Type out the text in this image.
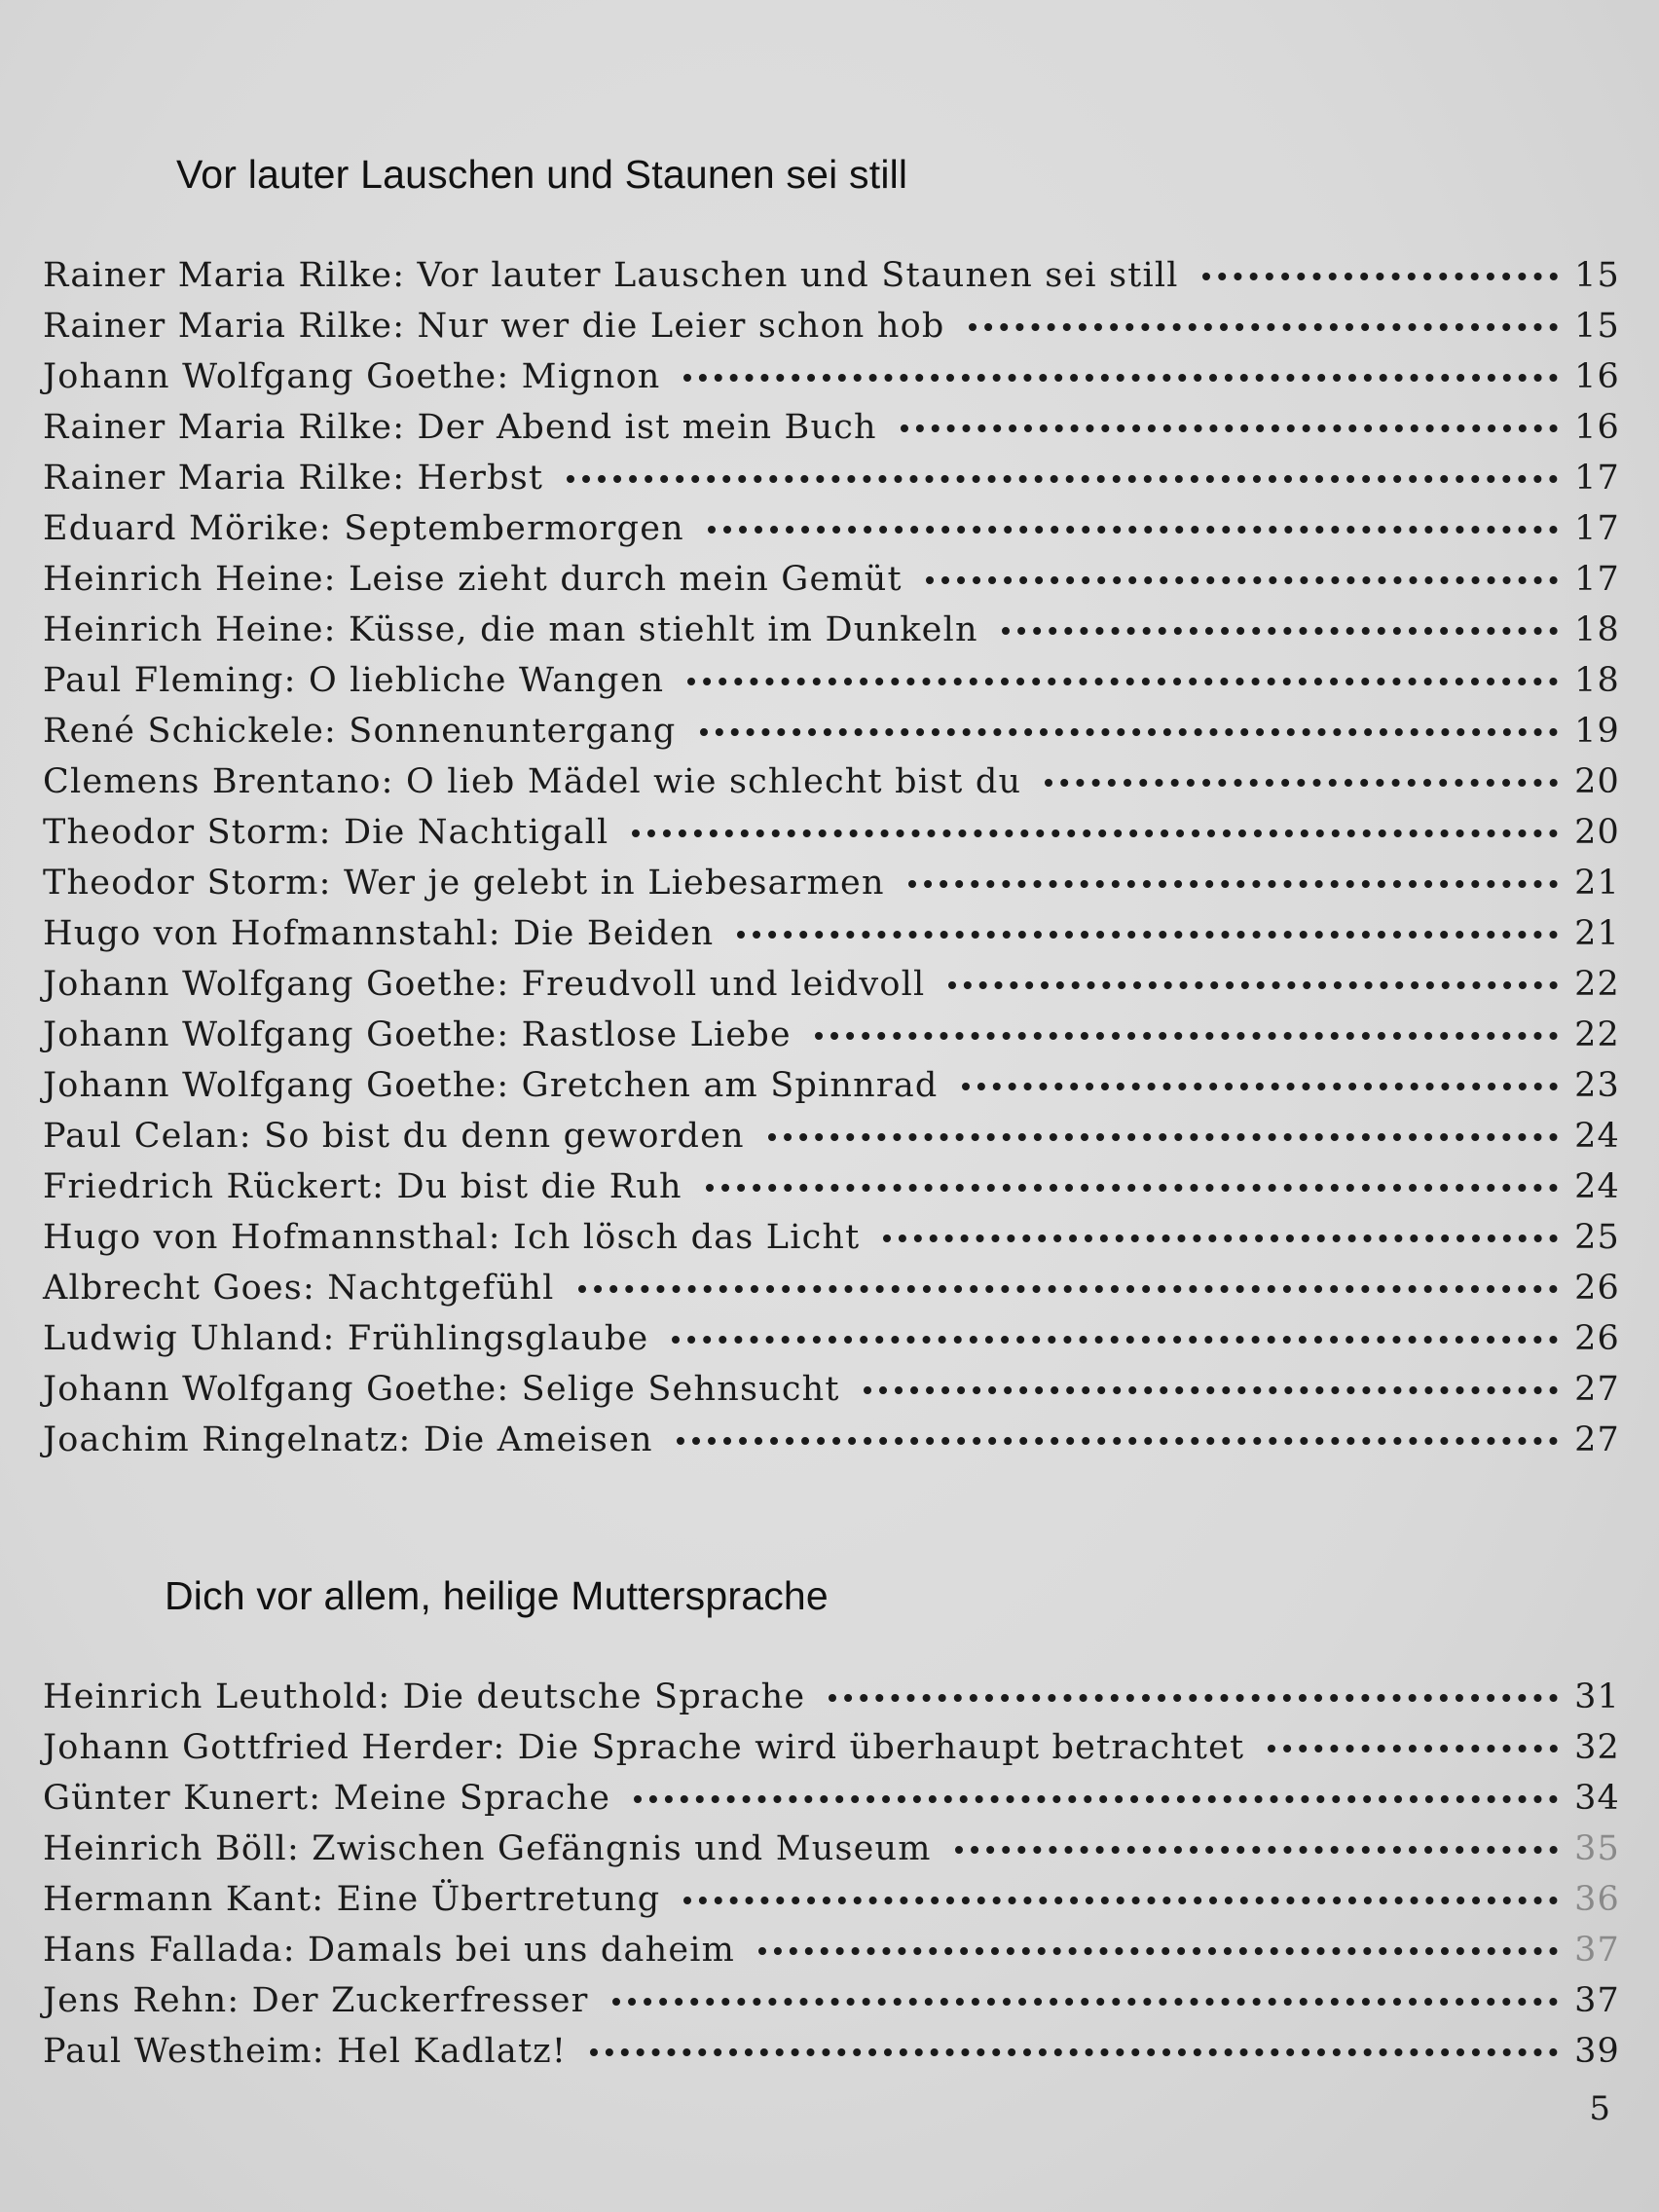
Vor lauter Lauschen und Staunen sei still
Rainer Maria Rilke: Vor lauter Lauschen und Staunen sei still	15
Rainer Maria Rilke: Nur wer die Leier schon hob	15
Johann Wolfgang Goethe: Mignon	16
Rainer Maria Rilke: Der Abend ist mein Buch	16
Rainer Maria Rilke: Herbst	17
Eduard Mörike: Septembermorgen	17
Heinrich Heine: Leise zieht durch mein Gemüt	17
Heinrich Heine: Küsse, die man stiehlt im Dunkeln	18
Paul Fleming: O liebliche Wangen	18
René Schickele: Sonnenuntergang	19
Clemens Brentano: O lieb Mädel wie schlecht bist du	20
Theodor Storm: Die Nachtigall	20
Theodor Storm: Wer je gelebt in Liebesarmen	21
Hugo von Hofmannstahl: Die Beiden	21
Johann Wolfgang Goethe: Freudvoll und leidvoll	22
Johann Wolfgang Goethe: Rastlose Liebe	22
Johann Wolfgang Goethe: Gretchen am Spinnrad	23
Paul Celan: So bist du denn geworden	24
Friedrich Rückert: Du bist die Ruh	24
Hugo von Hofmannsthal: Ich lösch das Licht	25
Albrecht Goes: Nachtgefühl	26
Ludwig Uhland: Frühlingsglaube	26
Johann Wolfgang Goethe: Selige Sehnsucht	27
Joachim Ringelnatz: Die Ameisen	27
Dich vor allem, heilige Muttersprache
Heinrich Leuthold: Die deutsche Sprache	31
Johann Gottfried Herder: Die Sprache wird überhaupt betrachtet	32
Günter Kunert: Meine Sprache	34
Heinrich Böll: Zwischen Gefängnis und Museum	35
Hermann Kant: Eine Übertretung	36
Hans Fallada: Damals bei uns daheim	37
Jens Rehn: Der Zuckerfresser	37
Paul Westheim: Hel Kadlatz!	39
5
